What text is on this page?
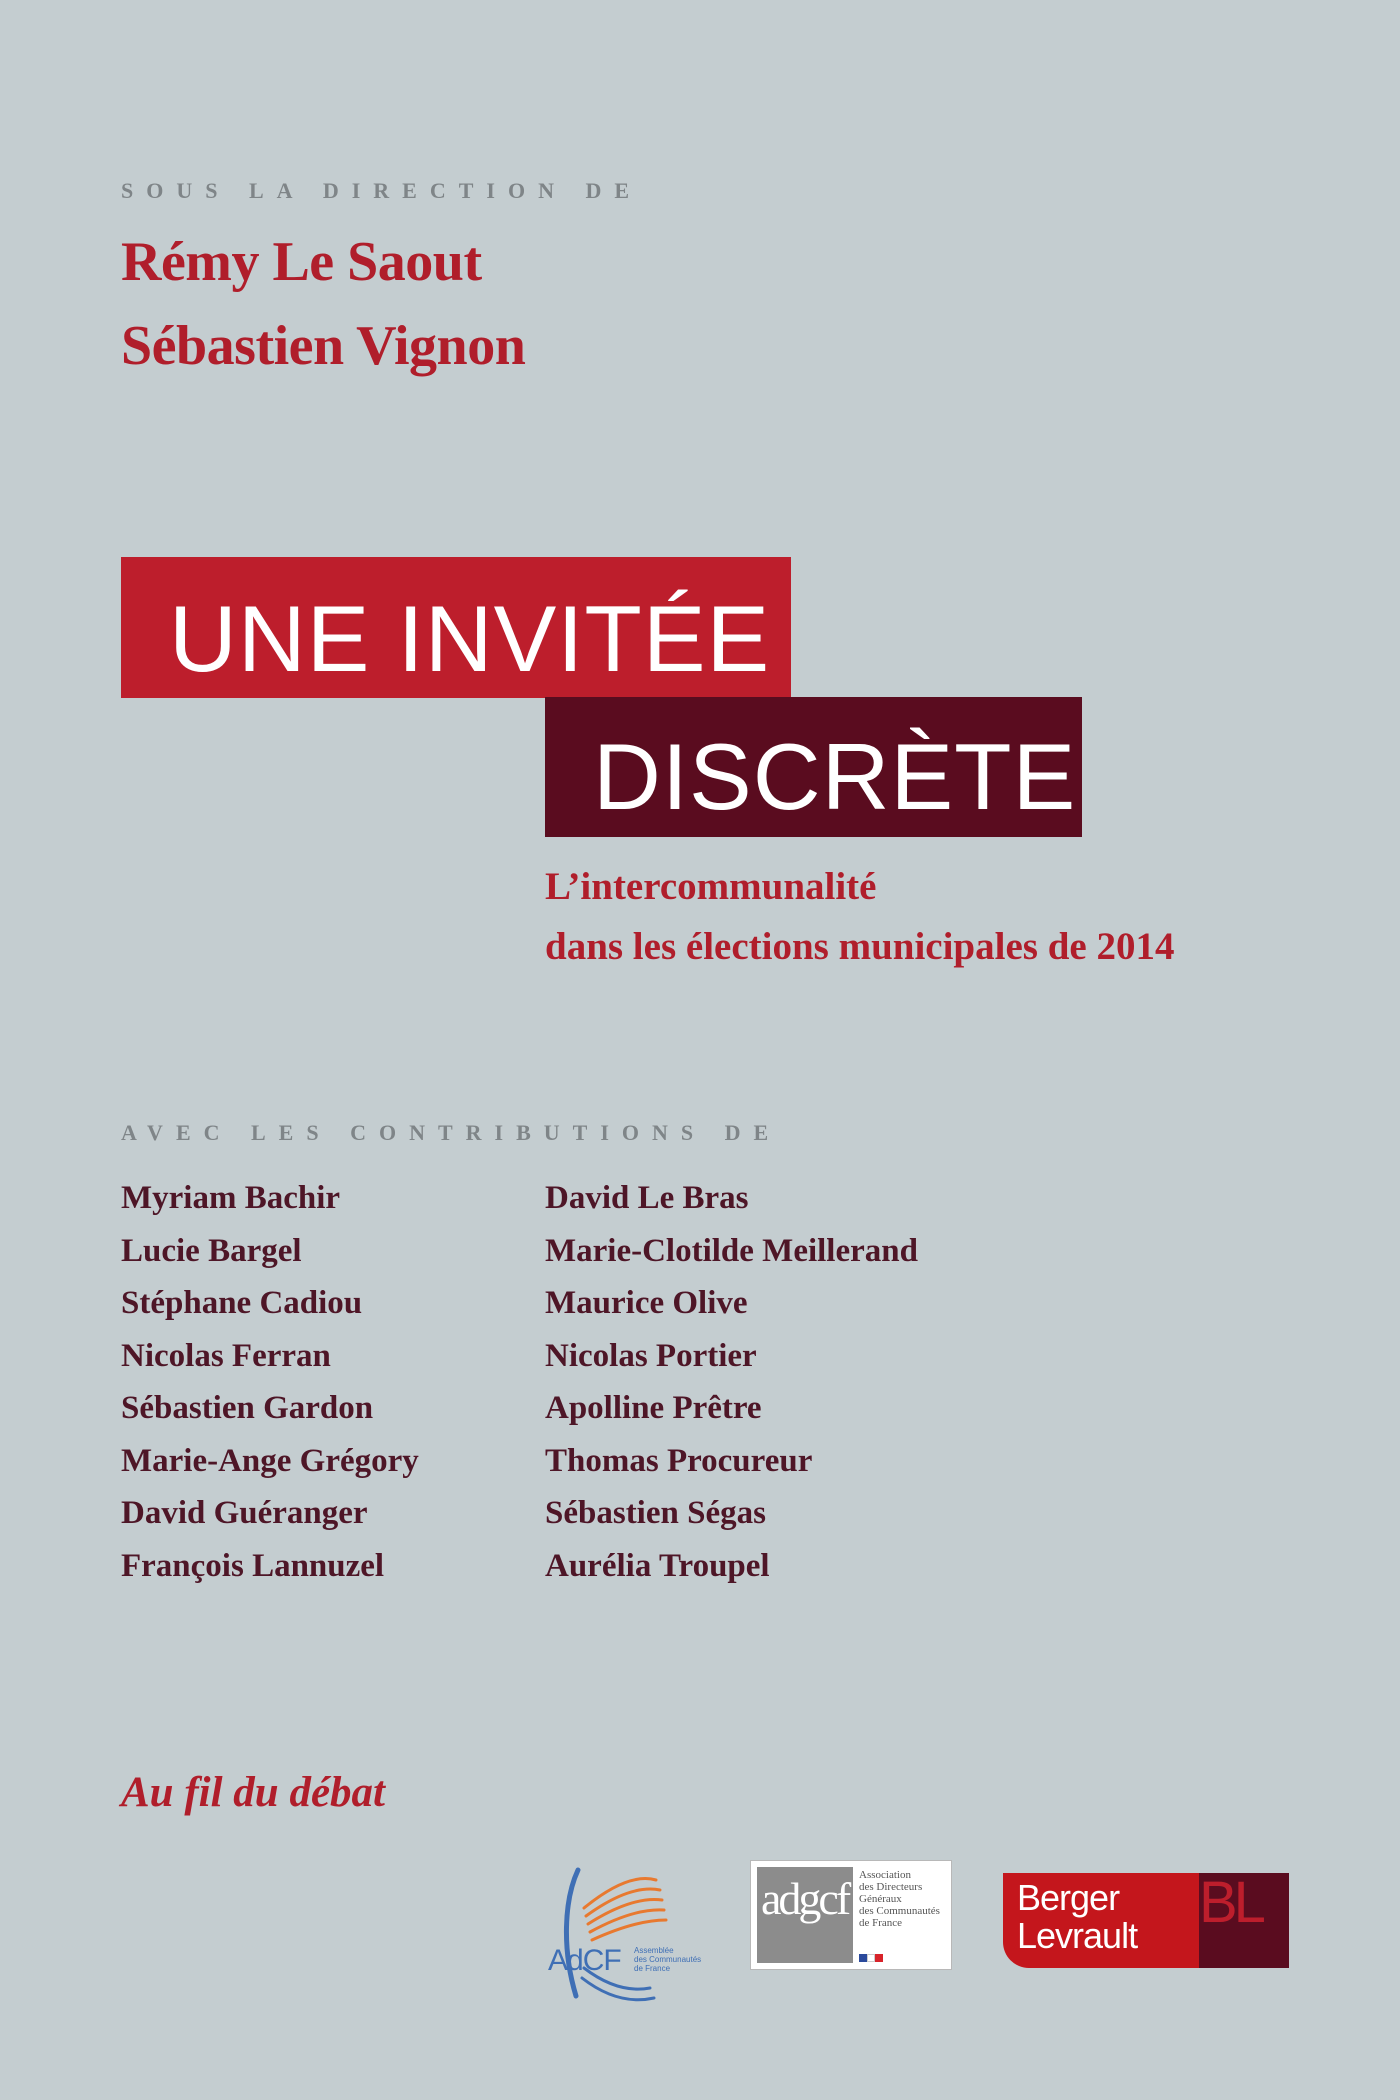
SOUS LA DIRECTION DE
Rémy Le Saout
Sébastien Vignon
UNE INVITÉE
DISCRÈTE
L’intercommunalité
dans les élections municipales de 2014
AVEC LES CONTRIBUTIONS DE
Myriam Bachir
Lucie Bargel
Stéphane Cadiou
Nicolas Ferran
Sébastien Gardon
Marie-Ange Grégory
David Guéranger
François Lannuzel
David Le Bras
Marie-Clotilde Meillerand
Maurice Olive
Nicolas Portier
Apolline Prêtre
Thomas Procureur
Sébastien Ségas
Aurélia Troupel
Au fil du débat
AdCF Assemblée
des Communautés
de France
adgcf Association
des Directeurs
Généraux
des Communautés
de France
Berger
Levrault
BL
